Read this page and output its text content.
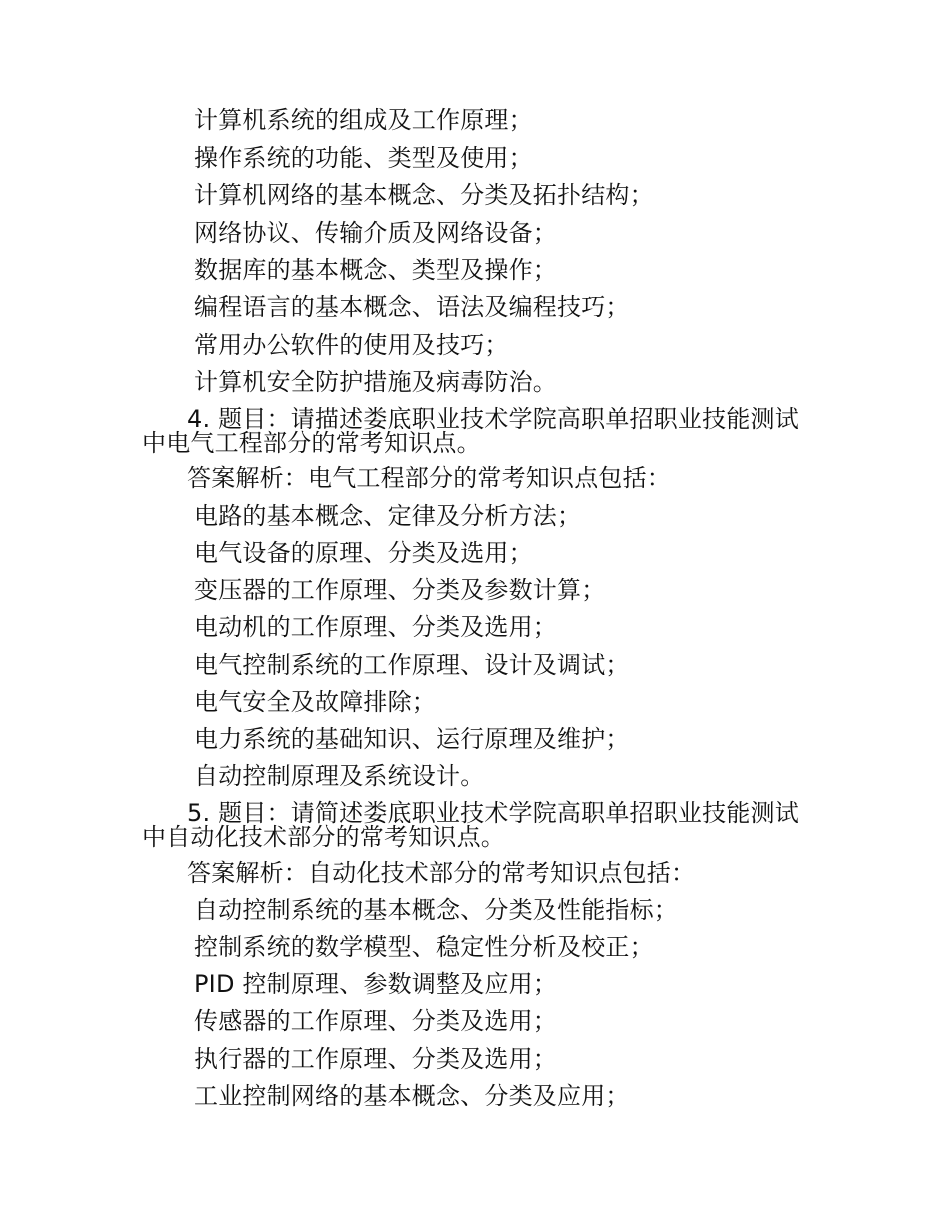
计算机系统的组成及工作原理；
操作系统的功能、类型及使用；
计算机网络的基本概念、分类及拓扑结构；
网络协议、传输介质及网络设备；
数据库的基本概念、类型及操作；
编程语言的基本概念、语法及编程技巧；
常用办公软件的使用及技巧；
计算机安全防护措施及病毒防治。
4. 题目：请描述娄底职业技术学院高职单招职业技能测试
中电气工程部分的常考知识点。
答案解析：电气工程部分的常考知识点包括：
电路的基本概念、定律及分析方法；
电气设备的原理、分类及选用；
变压器的工作原理、分类及参数计算；
电动机的工作原理、分类及选用；
电气控制系统的工作原理、设计及调试；
电气安全及故障排除；
电力系统的基础知识、运行原理及维护；
自动控制原理及系统设计。
5. 题目：请简述娄底职业技术学院高职单招职业技能测试
中自动化技术部分的常考知识点。
答案解析：自动化技术部分的常考知识点包括：
自动控制系统的基本概念、分类及性能指标；
控制系统的数学模型、稳定性分析及校正；
PID 控制原理、参数调整及应用；
传感器的工作原理、分类及选用；
执行器的工作原理、分类及选用；
工业控制网络的基本概念、分类及应用；
